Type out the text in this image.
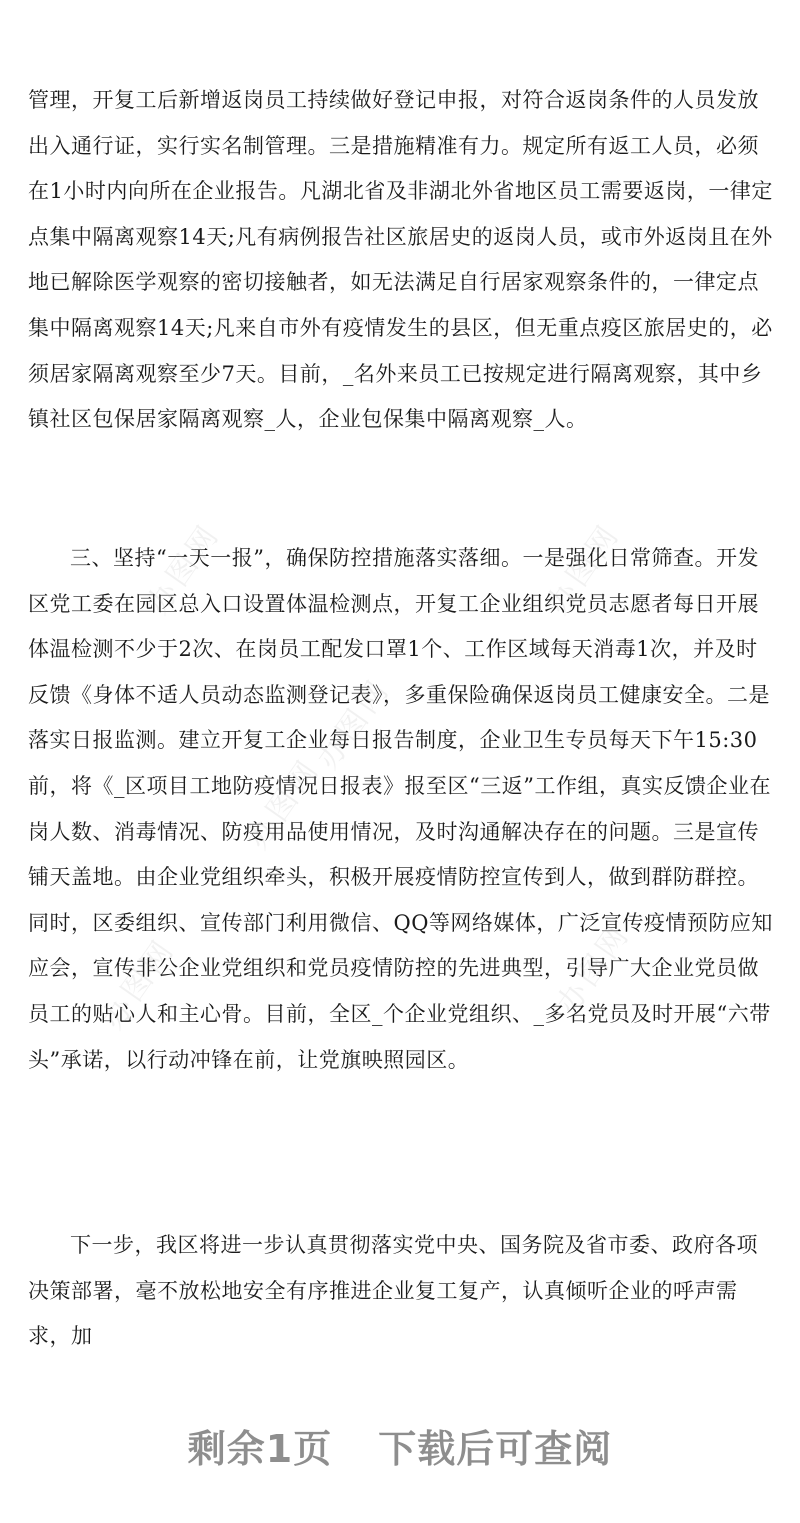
管理，开复工后新增返岗员工持续做好登记申报，对符合返岗条件的人员发放出入通行证，实行实名制管理。三是措施精准有力。规定所有返工人员，必须在1小时内向所在企业报告。凡湖北省及非湖北外省地区员工需要返岗，一律定点集中隔离观察14天;凡有病例报告社区旅居史的返岗人员，或市外返岗且在外地已解除医学观察的密切接触者，如无法满足自行居家观察条件的，一律定点集中隔离观察14天;凡来自市外有疫情发生的县区，但无重点疫区旅居史的，必须居家隔离观察至少7天。目前，_名外来员工已按规定进行隔离观察，其中乡镇社区包保居家隔离观察_人，企业包保集中隔离观察_人。

三、坚持“一天一报”，确保防控措施落实落细。一是强化日常筛查。开发区党工委在园区总入口设置体温检测点，开复工企业组织党员志愿者每日开展体温检测不少于2次、在岗员工配发口罩1个、工作区域每天消毒1次，并及时反馈《身体不适人员动态监测登记表》，多重保险确保返岗员工健康安全。二是落实日报监测。建立开复工企业每日报告制度，企业卫生专员每天下午15:30前，将《_区项目工地防疫情况日报表》报至区“三返”工作组，真实反馈企业在岗人数、消毒情况、防疫用品使用情况，及时沟通解决存在的问题。三是宣传铺天盖地。由企业党组织牵头，积极开展疫情防控宣传到人，做到群防群控。同时，区委组织、宣传部门利用微信、QQ等网络媒体，广泛宣传疫情预防应知应会，宣传非公企业党组织和党员疫情防控的先进典型，引导广大企业党员做员工的贴心人和主心骨。目前，全区_个企业党组织、_多名党员及时开展“六带头”承诺，以行动冲锋在前，让党旗映照园区。

下一步，我区将进一步认真贯彻落实党中央、国务院及省市委、政府各项决策部署，毫不放松地安全有序推进企业复工复产，认真倾听企业的呼声需求，加

办图网	办图网
办图网
办图网
办图网	办图网
剩余1页 下载后可查阅
